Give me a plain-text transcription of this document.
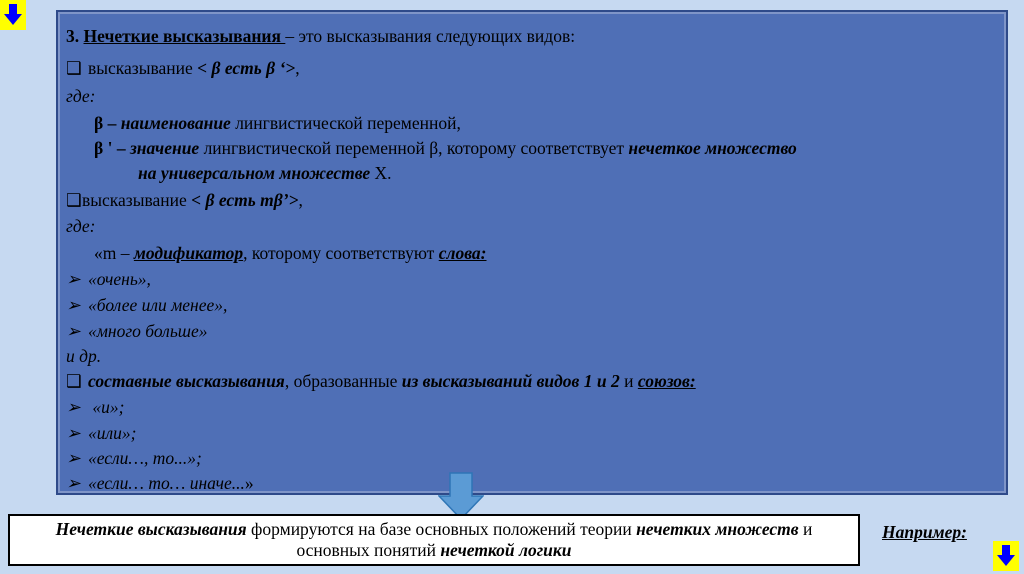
3. Нечеткие высказывания – это высказывания следующих видов:
❑ высказывание < β есть β ‘>,
где:
β – наименование лингвистической переменной,
β ' – значение лингвистической переменной β, которому соответствует нечеткое множество
на универсальном множестве X.
❑высказывание < β есть mβ’>,
где:
«m – модификатор, которому соответствуют слова:
➢ «очень»,
➢ «более или менее»,
➢ «много больше»
и др.
❑ составные высказывания, образованные из высказываний видов 1 и 2 и союзов:
➢ «и»;
➢ «или»;
➢ «если…, то...»;
➢ «если… то… иначе...»
Нечеткие высказывания формируются на базе основных положений теории нечетких множеств и
основных понятий нечеткой логики
Например:
